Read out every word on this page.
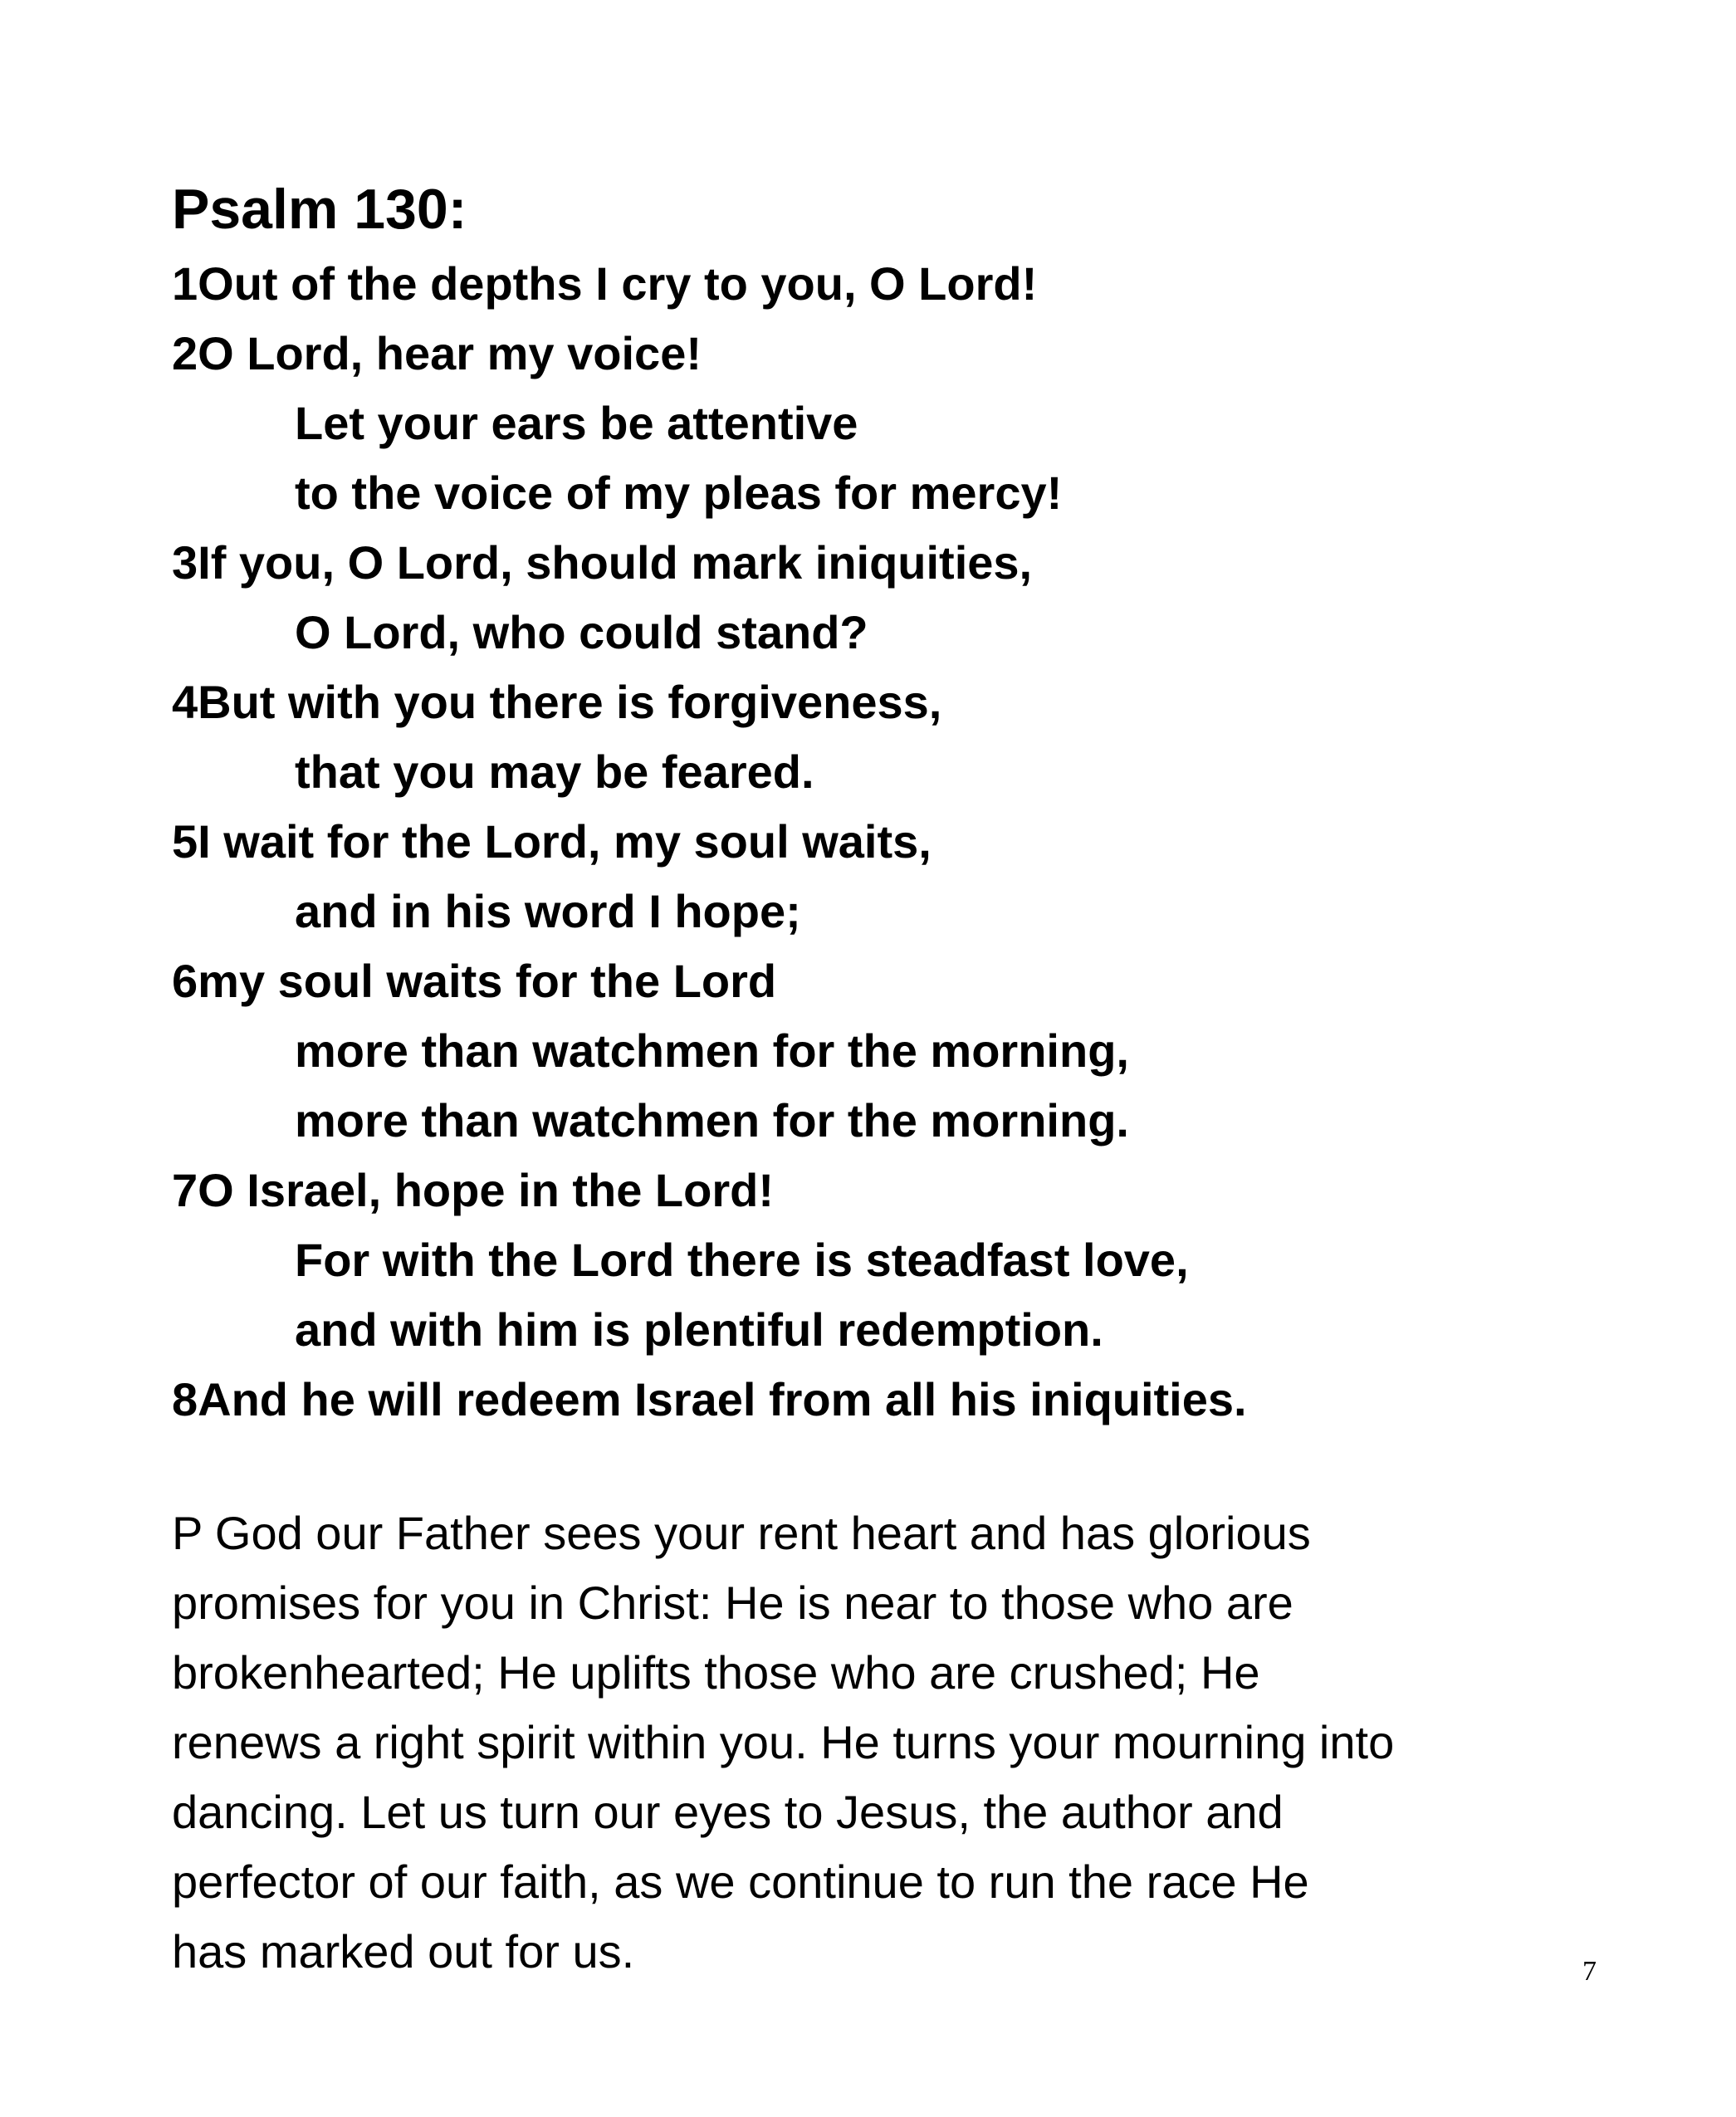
Psalm 130:
1Out of the depths I cry to you, O Lord!
2O Lord, hear my voice!
Let your ears be attentive
to the voice of my pleas for mercy!
3If you, O Lord, should mark iniquities,
O Lord, who could stand?
4But with you there is forgiveness,
that you may be feared.
5I wait for the Lord, my soul waits,
and in his word I hope;
6my soul waits for the Lord
more than watchmen for the morning,
more than watchmen for the morning.
7O Israel, hope in the Lord!
For with the Lord there is steadfast love,
and with him is plentiful redemption.
8And he will redeem Israel from all his iniquities.
P God our Father sees your rent heart and has glorious
promises for you in Christ: He is near to those who are
brokenhearted; He uplifts those who are crushed; He
renews a right spirit within you. He turns your mourning into
dancing. Let us turn our eyes to Jesus, the author and
perfector of our faith, as we continue to run the race He
has marked out for us.	7
